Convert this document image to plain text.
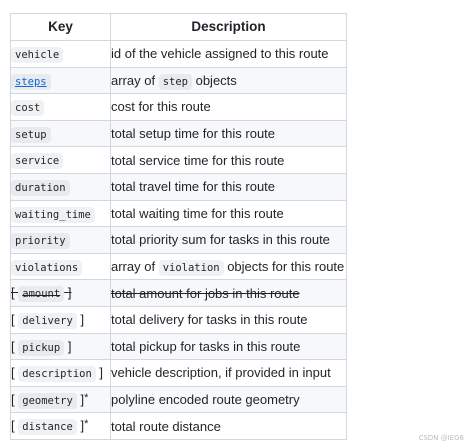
Key	Description
vehicle	id of the vehicle assigned to this route
steps	array of step objects
cost	cost for this route
setup	total setup time for this route
service	total service time for this route
duration	total travel time for this route
waiting_time	total waiting time for this route
priority	total priority sum for tasks in this route
violations	array of violation objects for this route
[ amount ]	total amount for jobs in this route
[ delivery ]	total delivery for tasks in this route
[ pickup ]	total pickup for tasks in this route
[ description ]	vehicle description, if provided in input
[ geometry ]*	polyline encoded route geometry
[ distance ]*	total route distance
CSDN @IEG6
